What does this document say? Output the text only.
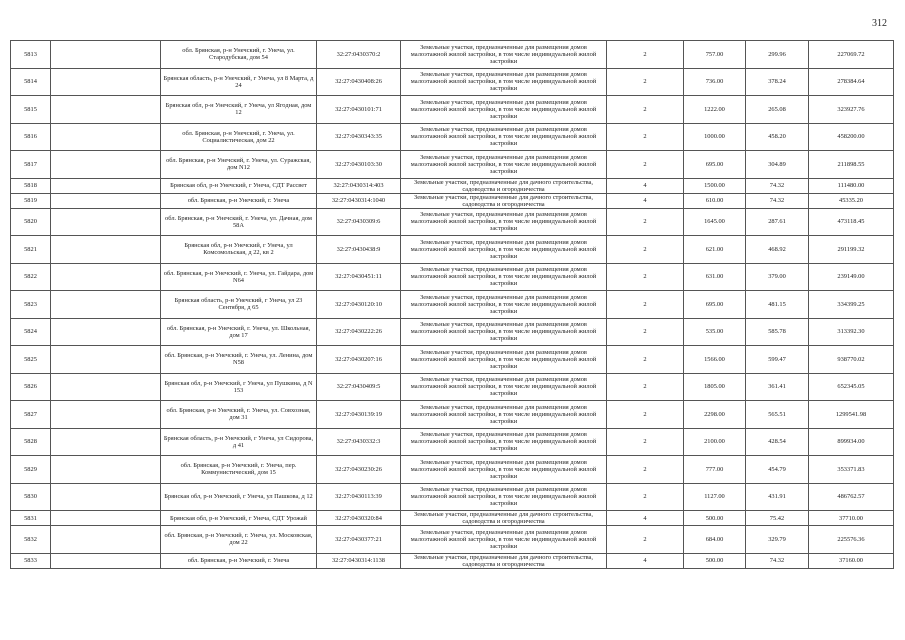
312
5813		обл. Брянская, р-н Унечский, г. Унеча, ул. Стародубская, дом 54	32:27:0430370:2	Земельные участки, предназначенные для размещения домов малоэтажной жилой застройки, в том числе индивидуальной жилой застройки	2	757.00	299.96	227069.72
5814		Брянская область, р-н Унечский, г Унеча, ул 8 Марта, д 24	32:27:0430408:26	Земельные участки, предназначенные для размещения домов малоэтажной жилой застройки, в том числе индивидуальной жилой застройки	2	736.00	378.24	278384.64
5815		Брянская обл, р-н Унечский, г Унеча, ул Ягодная, дом 12	32:27:0430101:71	Земельные участки, предназначенные для размещения домов малоэтажной жилой застройки, в том числе индивидуальной жилой застройки	2	1222.00	265.08	323927.76
5816		обл. Брянская, р-н Унечский, г. Унеча, ул. Социалистическая, дом 22	32:27:0430343:35	Земельные участки, предназначенные для размещения домов малоэтажной жилой застройки, в том числе индивидуальной жилой застройки	2	1000.00	458.20	458200.00
5817		обл. Брянская, р-н Унечский, г. Унеча, ул. Суражская, дом N12	32:27:0430103:30	Земельные участки, предназначенные для размещения домов малоэтажной жилой застройки, в том числе индивидуальной жилой застройки	2	695.00	304.89	211898.55
5818		Брянская обл, р-н Унечский, г Унеча, СДТ Рассвет	32:27:0430314:403	Земельные участки, предназначенные для дачного строительства, садоводства и огородничества	4	1500.00	74.32	111480.00
5819		обл. Брянская, р-н Унечский, г. Унеча	32:27:0430314:1040	Земельные участки, предназначенные для дачного строительства, садоводства и огородничества	4	610.00	74.32	45335.20
5820		обл. Брянская, р-н Унечский, г. Унеча, ул. Дачная, дом 58А	32:27:0430309:6	Земельные участки, предназначенные для размещения домов малоэтажной жилой застройки, в том числе индивидуальной жилой застройки	2	1645.00	287.61	473118.45
5821		Брянская обл, р-н Унечский, г Унеча, ул Комсомольская, д 22, кв 2	32:27:0430438:9	Земельные участки, предназначенные для размещения домов малоэтажной жилой застройки, в том числе индивидуальной жилой застройки	2	621.00	468.92	291199.32
5822		обл. Брянская, р-н Унечский, г. Унеча, ул. Гайдара, дом N64	32:27:0430451:11	Земельные участки, предназначенные для размещения домов малоэтажной жилой застройки, в том числе индивидуальной жилой застройки	2	631.00	379.00	239149.00
5823		Брянская область, р-н Унечский, г Унеча, ул 23 Сентября, д 65	32:27:0430120:10	Земельные участки, предназначенные для размещения домов малоэтажной жилой застройки, в том числе индивидуальной жилой застройки	2	695.00	481.15	334399.25
5824		обл. Брянская, р-н Унечский, г. Унеча, ул. Школьная, дом 17	32:27:0430222:26	Земельные участки, предназначенные для размещения домов малоэтажной жилой застройки, в том числе индивидуальной жилой застройки	2	535.00	585.78	313392.30
5825		обл. Брянская, р-н Унечский, г. Унеча, ул. Ленина, дом N58	32:27:0430207:16	Земельные участки, предназначенные для размещения домов малоэтажной жилой застройки, в том числе индивидуальной жилой застройки	2	1566.00	599.47	938770.02
5826		Брянская обл, р-н Унечский, г Унеча, ул Пушкина, д N 153	32:27:0430409:5	Земельные участки, предназначенные для размещения домов малоэтажной жилой застройки, в том числе индивидуальной жилой застройки	2	1805.00	361.41	652345.05
5827		обл. Брянская, р-н Унечский, г. Унеча, ул. Совхозная, дом 31	32:27:0430139:19	Земельные участки, предназначенные для размещения домов малоэтажной жилой застройки, в том числе индивидуальной жилой застройки	2	2298.00	565.51	1299541.98
5828		Брянская область, р-н Унечский, г Унеча, ул Сидорова, д 41	32:27:0430332:3	Земельные участки, предназначенные для размещения домов малоэтажной жилой застройки, в том числе индивидуальной жилой застройки	2	2100.00	428.54	899934.00
5829		обл. Брянская, р-н Унечский, г. Унеча, пер. Коммунистический, дом 15	32:27:0430230:26	Земельные участки, предназначенные для размещения домов малоэтажной жилой застройки, в том числе индивидуальной жилой застройки	2	777.00	454.79	353371.83
5830		Брянская обл, р-н Унечский, г Унеча, ул Пашкова, д 12	32:27:0430113:39	Земельные участки, предназначенные для размещения домов малоэтажной жилой застройки, в том числе индивидуальной жилой застройки	2	1127.00	431.91	486762.57
5831		Брянская обл, р-н Унечский, г Унеча, СДТ Урожай	32:27:0430320:84	Земельные участки, предназначенные для дачного строительства, садоводства и огородничества	4	500.00	75.42	37710.00
5832		обл. Брянская, р-н Унечский, г. Унеча, ул. Московская, дом 22	32:27:0430377:21	Земельные участки, предназначенные для размещения домов малоэтажной жилой застройки, в том числе индивидуальной жилой застройки	2	684.00	329.79	225576.36
5833		обл. Брянская, р-н Унечский, г. Унеча	32:27:0430314:1138	Земельные участки, предназначенные для дачного строительства, садоводства и огородничества	4	500.00	74.32	37160.00
